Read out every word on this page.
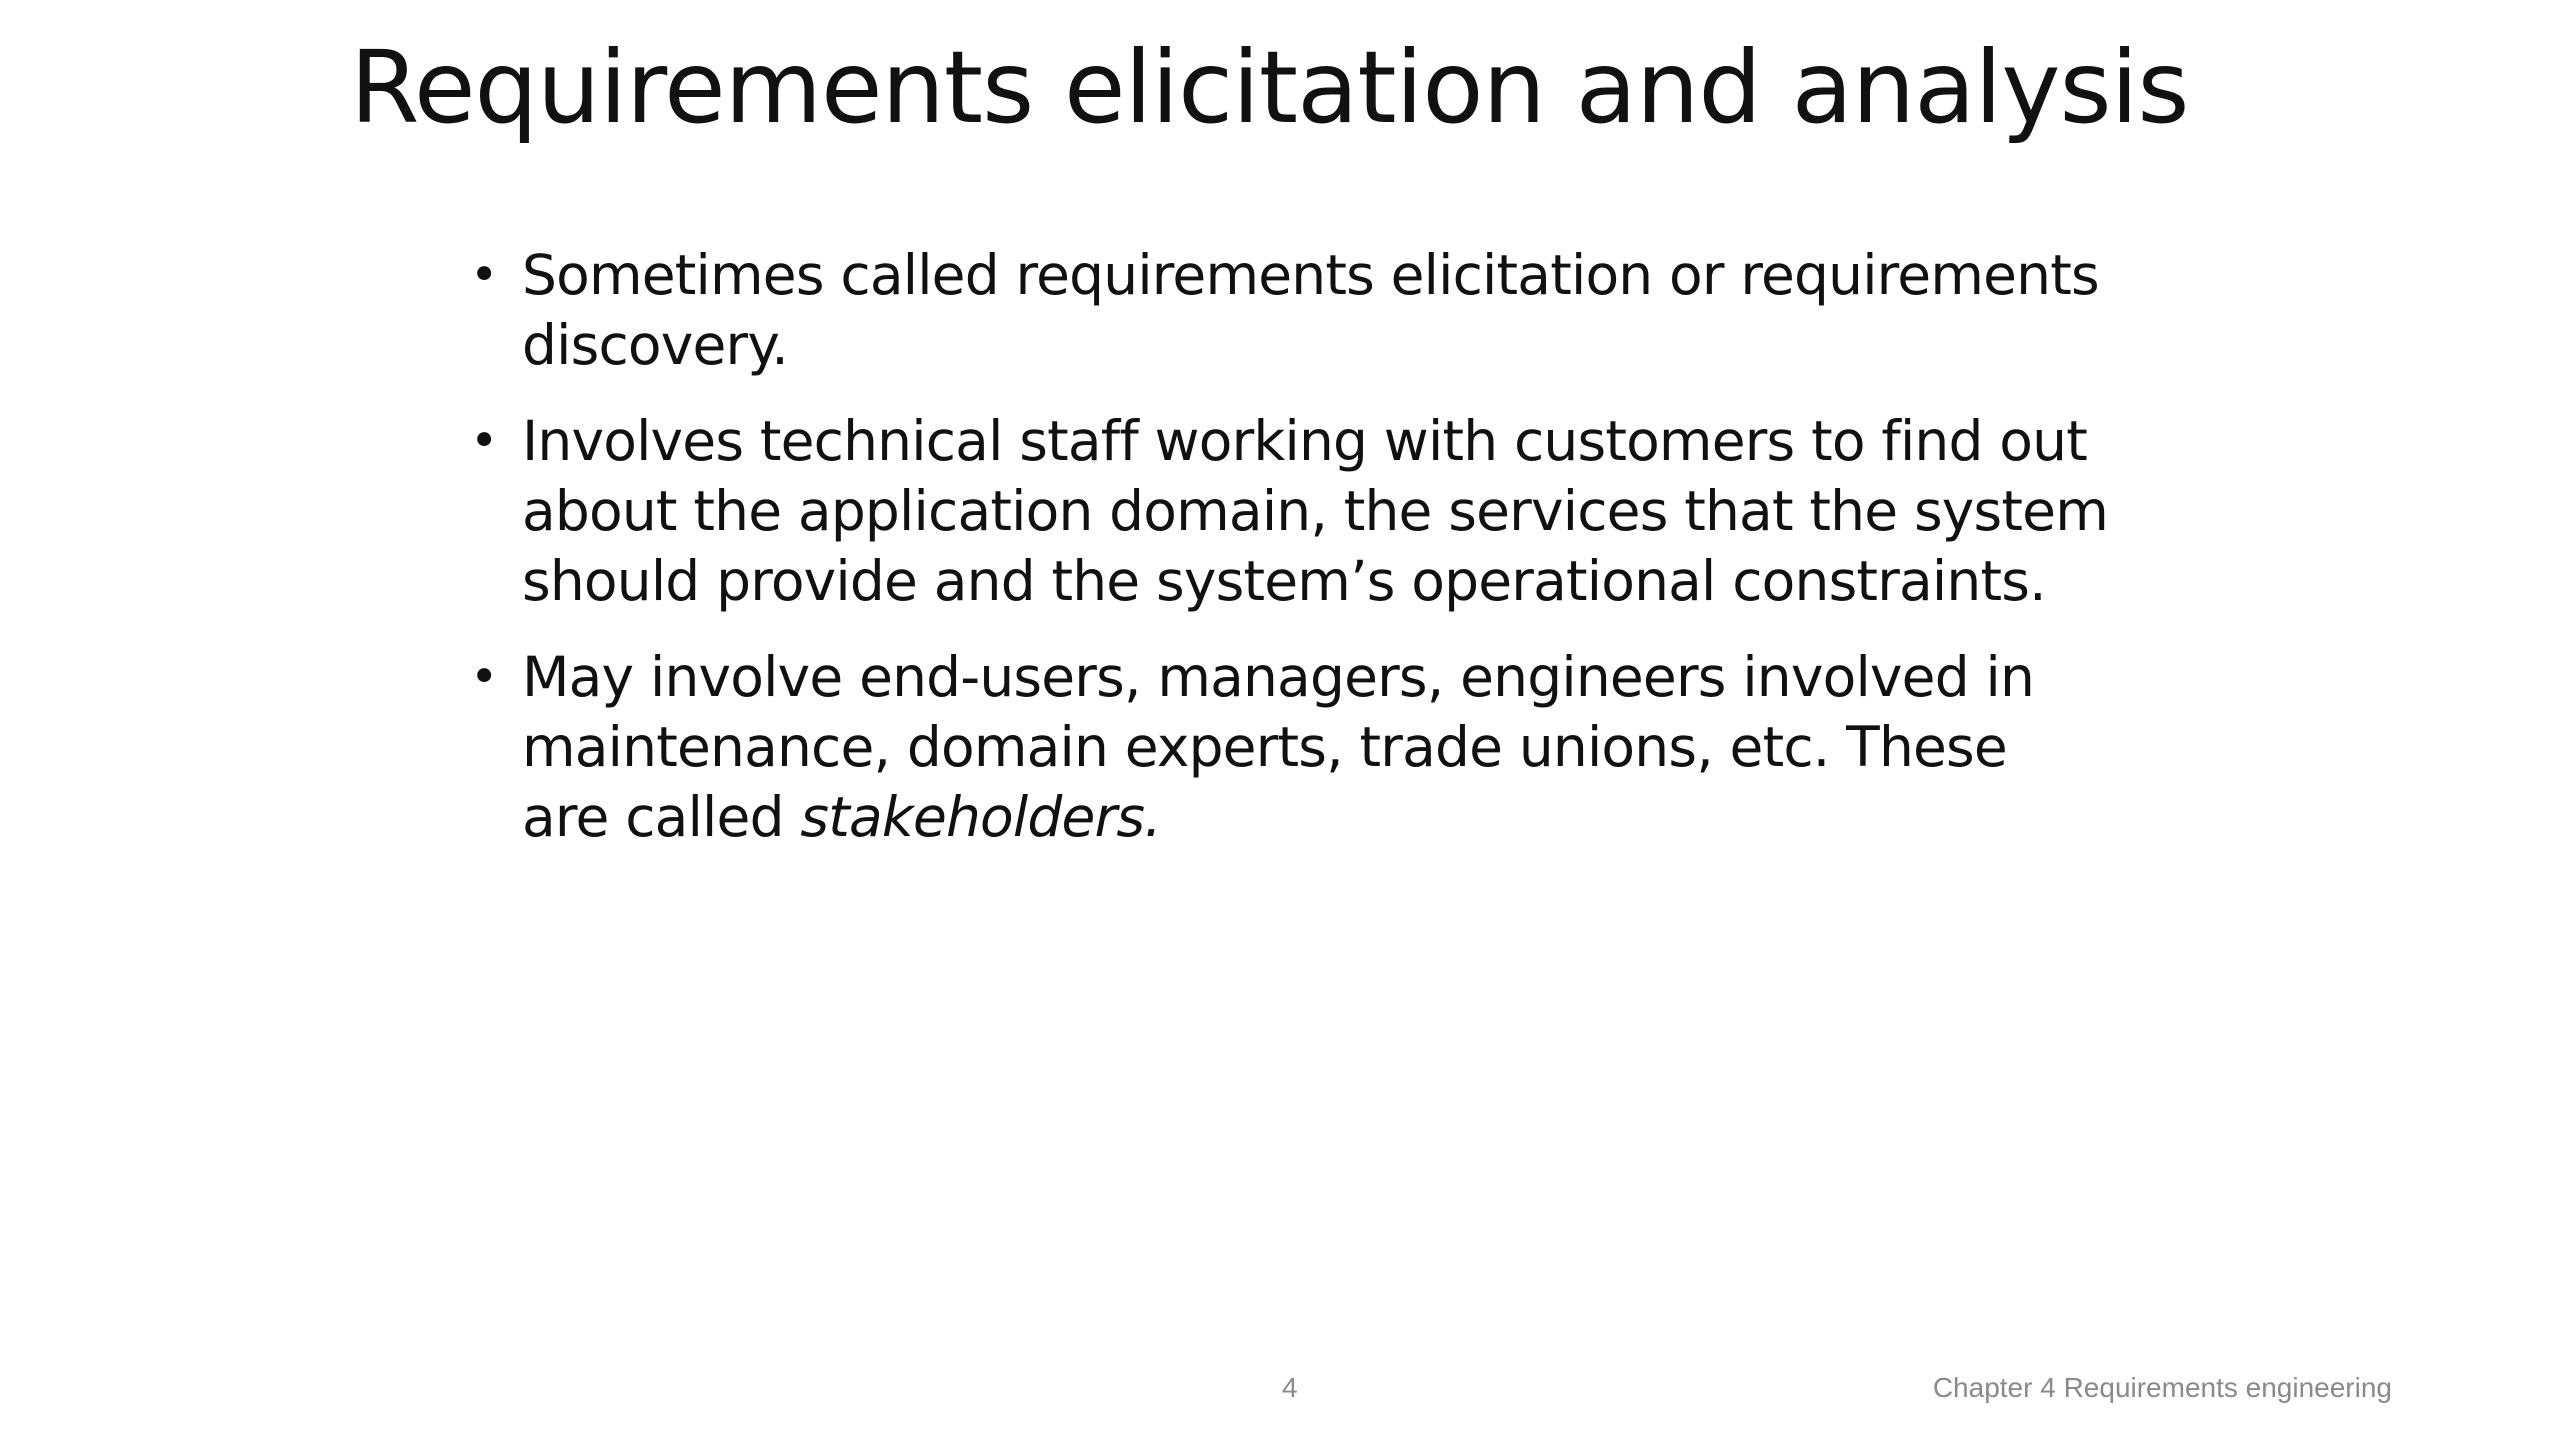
Requirements elicitation and analysis
• Sometimes called requirements elicitation or requirements discovery.
• Involves technical staff working with customers to find out about the application domain, the services that the system should provide and the system’s operational constraints.
• May involve end-users, managers, engineers involved in maintenance, domain experts, trade unions, etc. These are called stakeholders.
4	Chapter 4 Requirements engineering
